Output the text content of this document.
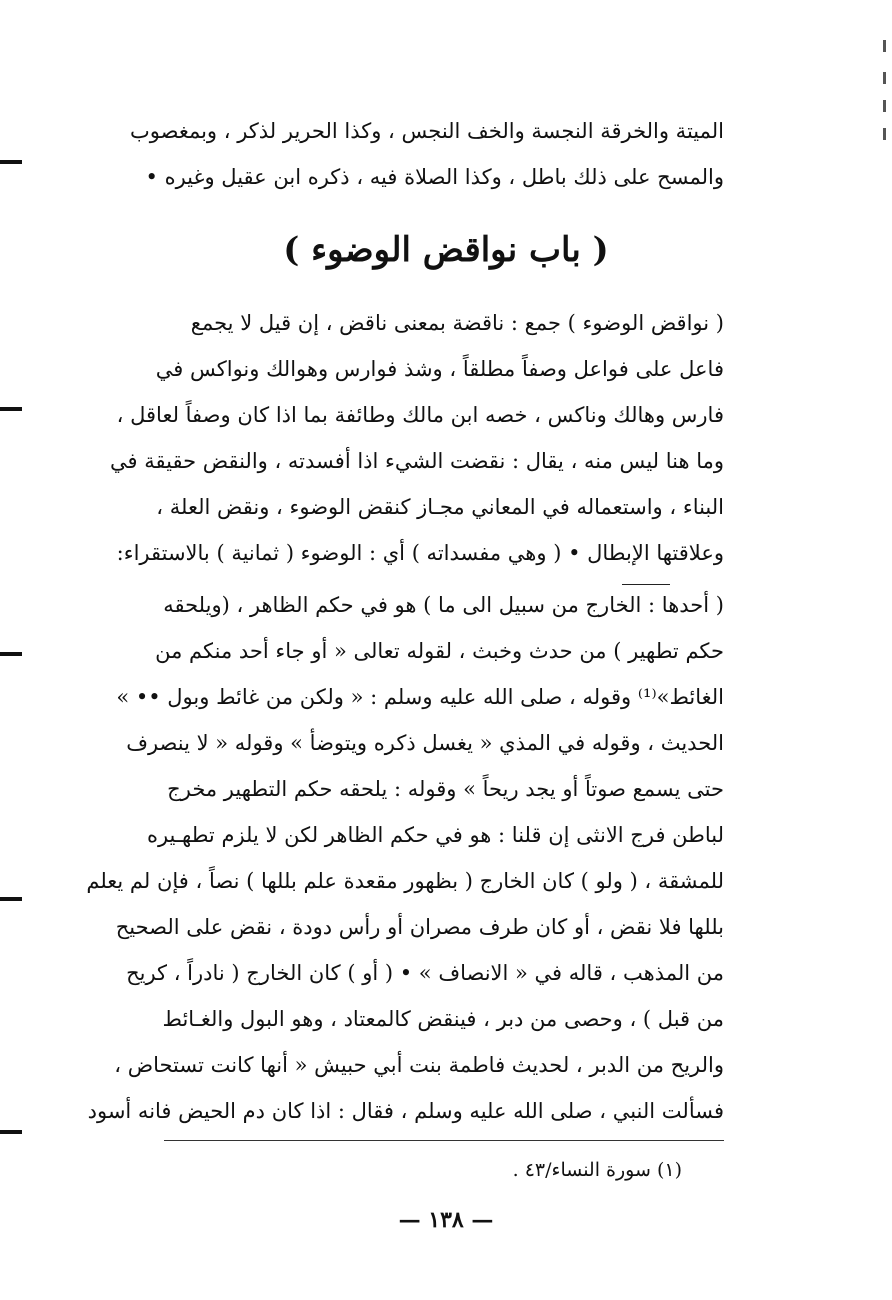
الميتة والخرقة النجسة والخف النجس ، وكذا الحرير لذكر ، وبمغصوب
والمسح على ذلك باطل ، وكذا الصلاة فيه ، ذكره ابن عقيل وغيره •
( باب نواقض الوضوء )
( نواقض الوضوء ) جمع : ناقضة بمعنى ناقض ، إن قيل لا يجمع
فاعل على فواعل وصفاً مطلقاً ، وشذ فوارس وهوالك ونواكس في
فارس وهالك وناكس ، خصه ابن مالك وطائفة بما اذا كان وصفاً لعاقل ،
وما هنا ليس منه ، يقال : نقضت الشيء اذا أفسدته ، والنقض حقيقة في
البناء ، واستعماله في المعاني مجـاز كنقض الوضوء ، ونقض العلة ،
وعلاقتها الإبطال • ( وهي مفسداته ) أي : الوضوء ( ثمانية ) بالاستقراء:
( أحدها : الخارج من سبيل الى ما ) هو في حكم الظاهر ، (ويلحقه
حكم تطهير ) من حدث وخبث ، لقوله تعالى « أو جاء أحد منكم من
الغائط»⁽¹⁾ وقوله ، صلى الله عليه وسلم : « ولكن من غائط وبول •• »
الحديث ، وقوله في المذي « يغسل ذكره ويتوضأ » وقوله « لا ينصرف
حتى يسمع صوتاً أو يجد ريحاً » وقوله : يلحقه حكم التطهير مخرج
لباطن فرج الانثى إن قلنا : هو في حكم الظاهر لكن لا يلزم تطهـيره
للمشقة ، ( ولو ) كان الخارج ( بظهور مقعدة علم بللها ) نصاً ، فإن لم يعلم
بللها فلا نقض ، أو كان طرف مصران أو رأس دودة ، نقض على الصحيح
من المذهب ، قاله في « الانصاف » • ( أو ) كان الخارج ( نادراً ، كريح
من قبل ) ، وحصى من دبر ، فينقض كالمعتاد ، وهو البول والغـائط
والريح من الدبر ، لحديث فاطمة بنت أبي حبيش « أنها كانت تستحاض ،
فسألت النبي ، صلى الله عليه وسلم ، فقال : اذا كان دم الحيض فانه أسود
(١) سورة النساء/٤٣ .
— ١٣٨ —
